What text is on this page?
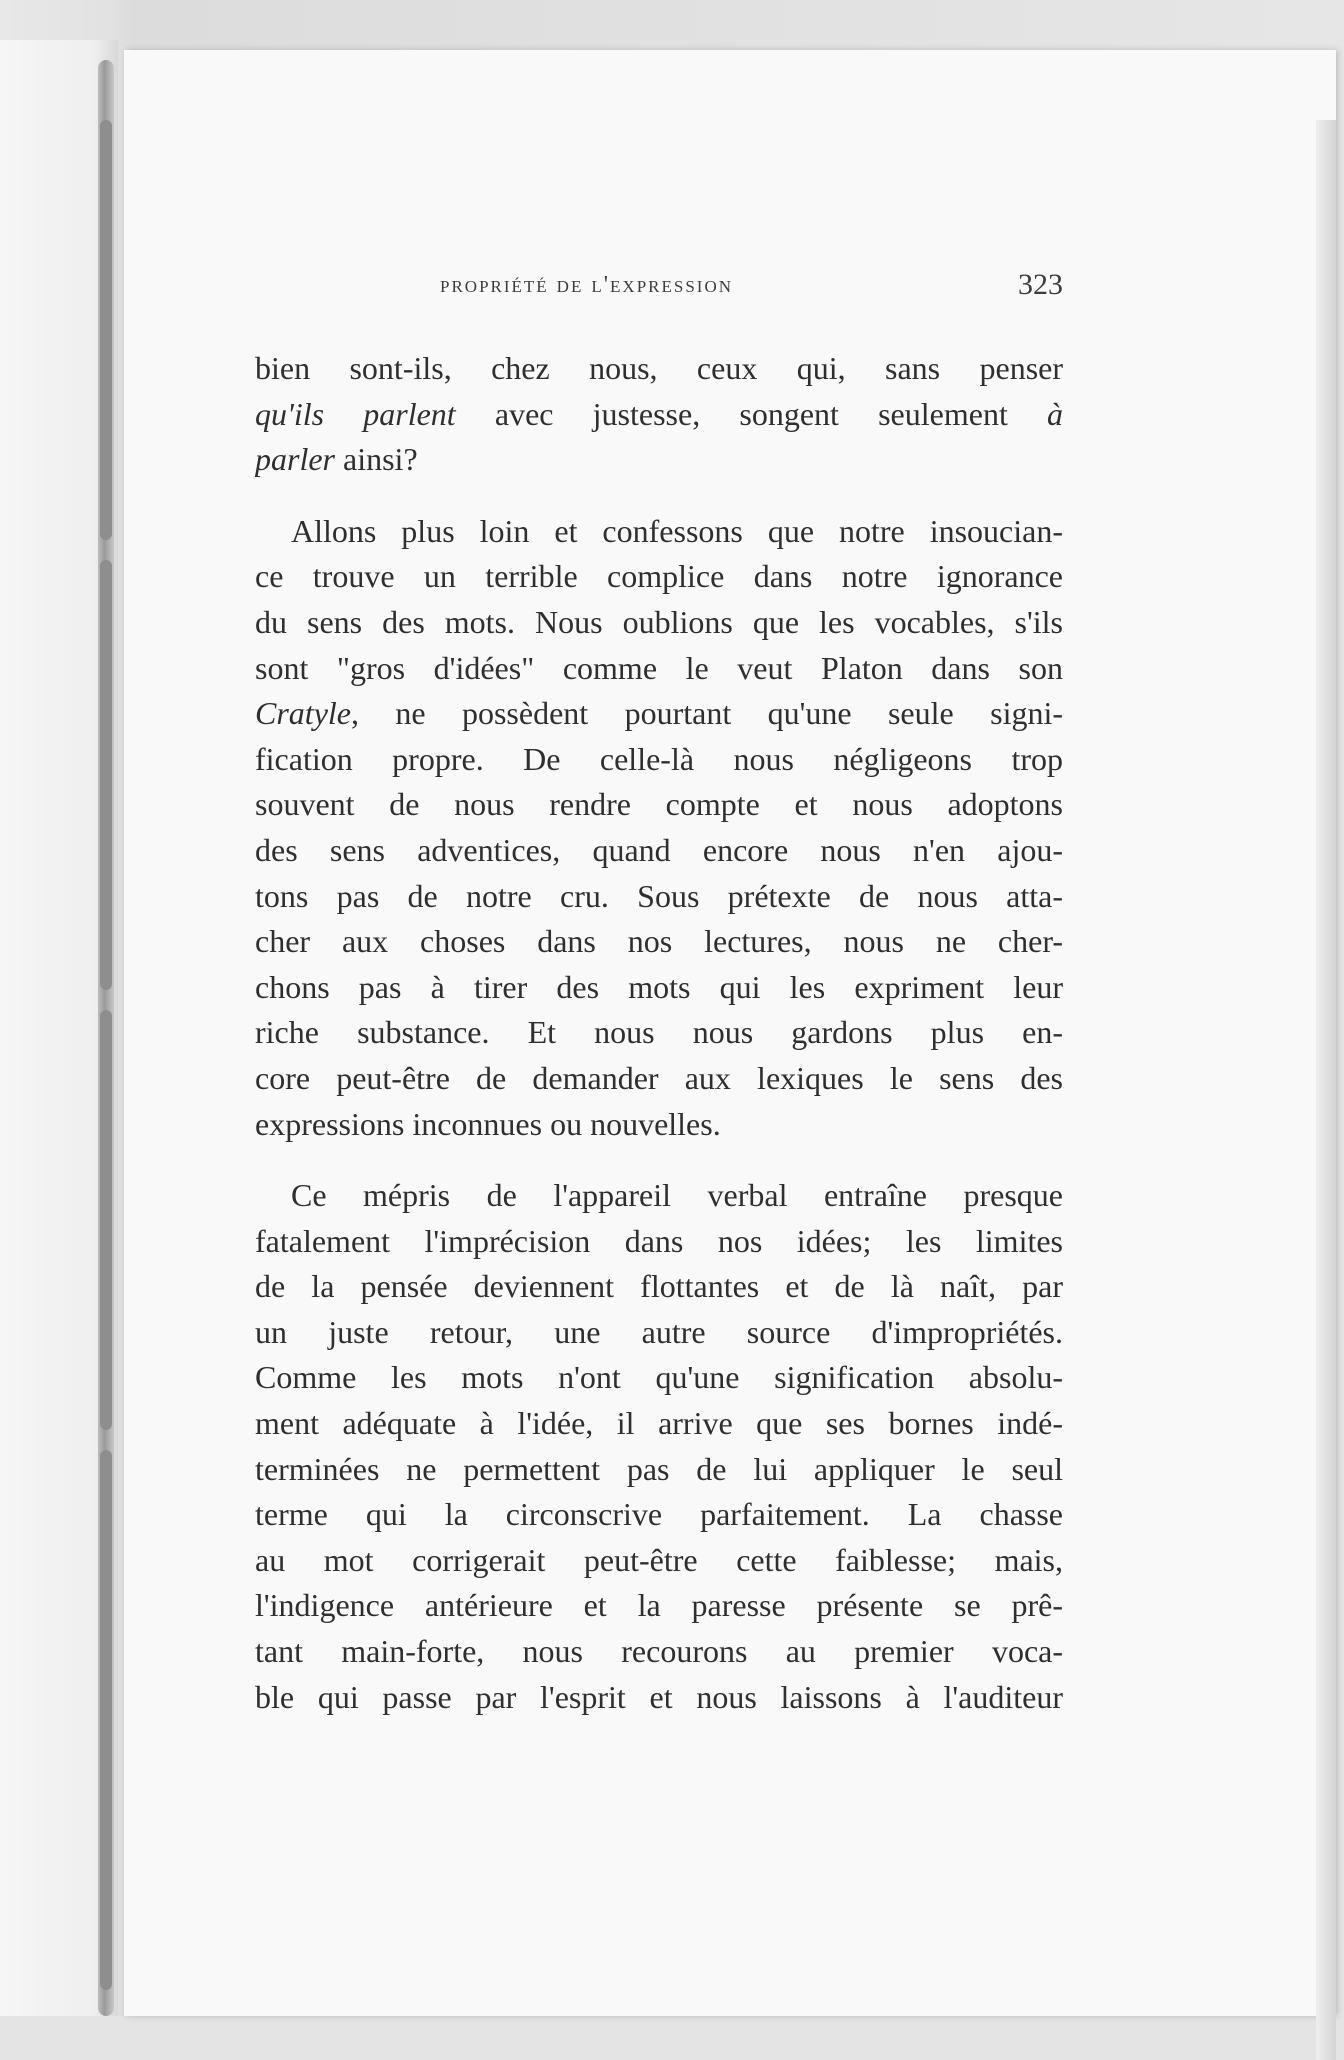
propriété de l'expression	323
bien sont-ils, chez nous, ceux qui, sans penser
qu'ils parlent avec justesse, songent seulement à
parler ainsi?
Allons plus loin et confessons que notre insoucian-
ce trouve un terrible complice dans notre ignorance
du sens des mots. Nous oublions que les vocables, s'ils
sont "gros d'idées" comme le veut Platon dans son
Cratyle, ne possèdent pourtant qu'une seule signi-
fication propre. De celle-là nous négligeons trop
souvent de nous rendre compte et nous adoptons
des sens adventices, quand encore nous n'en ajou-
tons pas de notre cru. Sous prétexte de nous atta-
cher aux choses dans nos lectures, nous ne cher-
chons pas à tirer des mots qui les expriment leur
riche substance. Et nous nous gardons plus en-
core peut-être de demander aux lexiques le sens des
expressions inconnues ou nouvelles.
Ce mépris de l'appareil verbal entraîne presque
fatalement l'imprécision dans nos idées; les limites
de la pensée deviennent flottantes et de là naît, par
un juste retour, une autre source d'impropriétés.
Comme les mots n'ont qu'une signification absolu-
ment adéquate à l'idée, il arrive que ses bornes indé-
terminées ne permettent pas de lui appliquer le seul
terme qui la circonscrive parfaitement. La chasse
au mot corrigerait peut-être cette faiblesse; mais,
l'indigence antérieure et la paresse présente se prê-
tant main-forte, nous recourons au premier voca-
ble qui passe par l'esprit et nous laissons à l'auditeur
